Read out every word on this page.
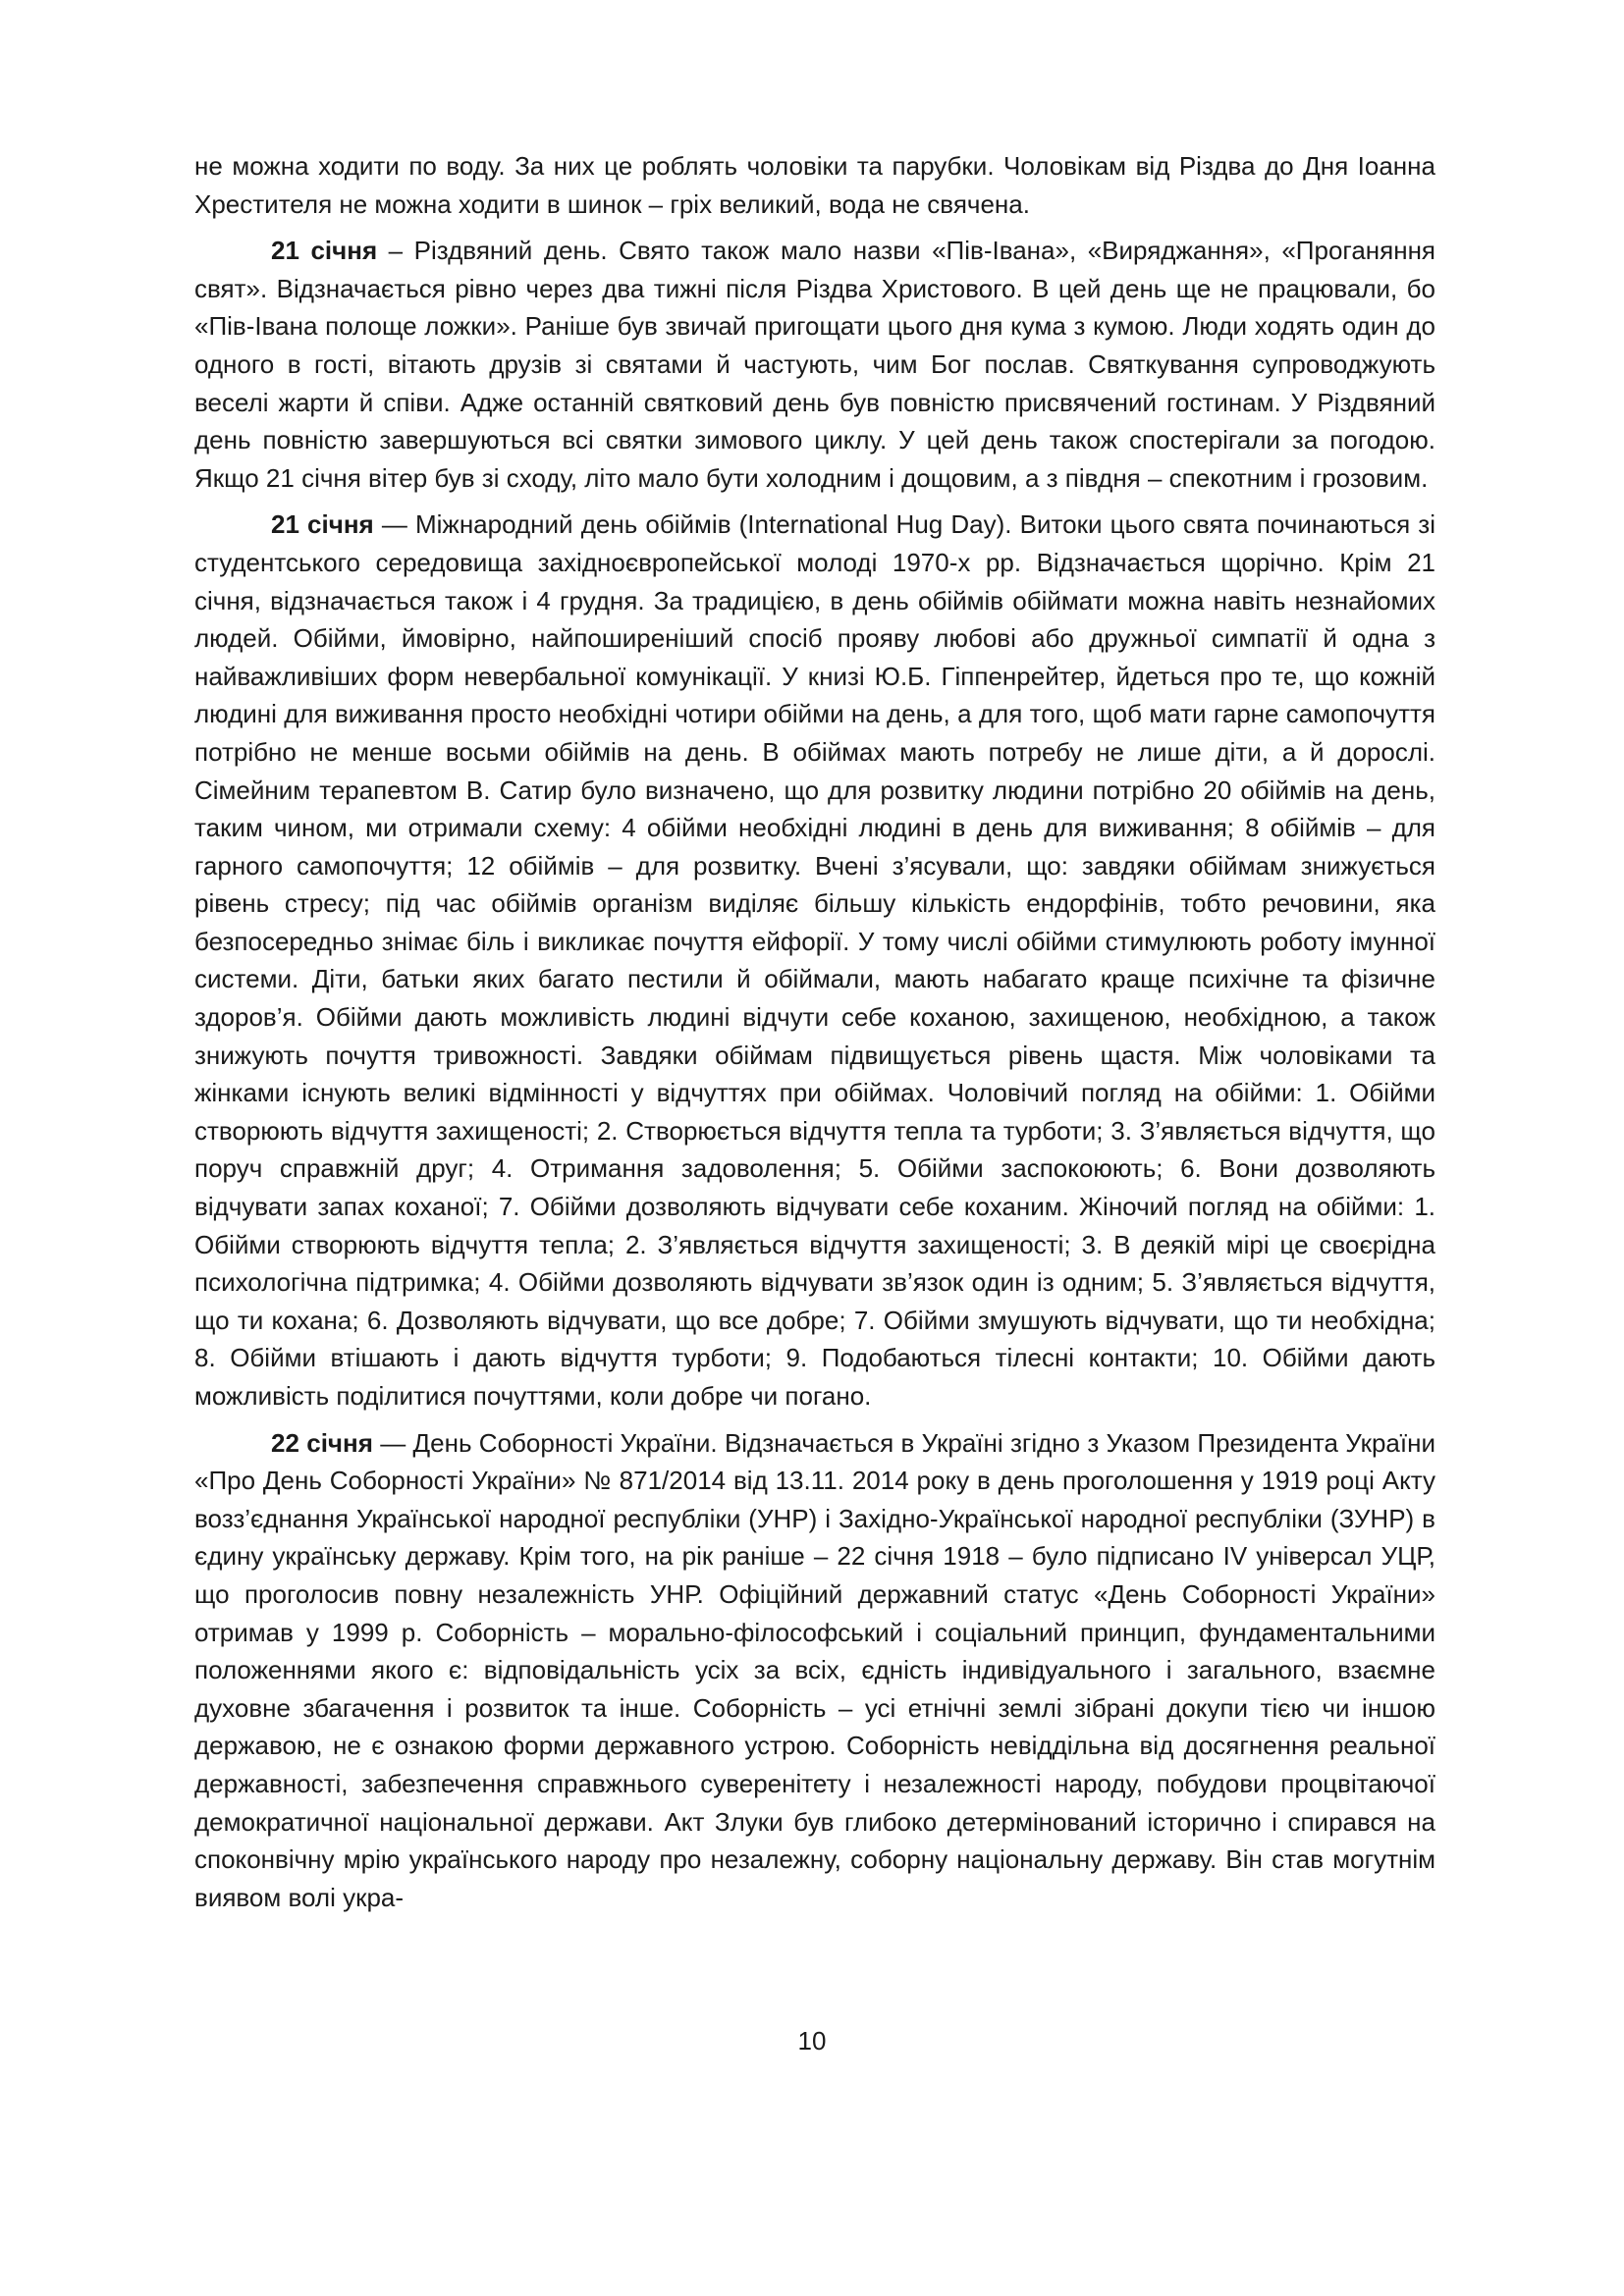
не можна ходити по воду. За них це роблять чоловіки та парубки. Чоловікам від Різдва до Дня Іоанна Хрестителя не можна ходити в шинок – гріх великий, вода не свячена.

21 січня – Різдвяний день. Свято також мало назви «Пів-Івана», «Виряджання», «Проганяння свят». Відзначається рівно через два тижні після Різдва Христового. В цей день ще не працювали, бо «Пів-Івана полоще ложки». Раніше був звичай пригощати цього дня кума з кумою. Люди ходять один до одного в гості, вітають друзів зі святами й частують, чим Бог послав. Святкування супроводжують веселі жарти й співи. Адже останній святковий день був повністю присвячений гостинам. У Різдвяний день повністю завершуються всі святки зимового циклу. У цей день також спостерігали за погодою. Якщо 21 січня вітер був зі сходу, літо мало бути холодним і дощовим, а з півдня – спекотним і грозовим.

21 січня — Міжнародний день обіймів (International Hug Day). Витоки цього свята починаються зі студентського середовища західноєвропейської молоді 1970-х рр. Відзначається щорічно. Крім 21 січня, відзначається також і 4 грудня. За традицією, в день обіймів обіймати можна навіть незнайомих людей. Обійми, ймовірно, найпоширеніший спосіб прояву любові або дружньої симпатії й одна з найважливіших форм невербальної комунікації. У книзі Ю.Б. Гіппенрейтер, йдеться про те, що кожній людині для виживання просто необхідні чотири обійми на день, а для того, щоб мати гарне самопочуття потрібно не менше восьми обіймів на день. В обіймах мають потребу не лише діти, а й дорослі. Сімейним терапевтом В. Сатир було визначено, що для розвитку людини потрібно 20 обіймів на день, таким чином, ми отримали схему: 4 обійми необхідні людині в день для виживання; 8 обіймів – для гарного самопочуття; 12 обіймів – для розвитку. Вчені з’ясували, що: завдяки обіймам знижується рівень стресу; під час обіймів організм виділяє більшу кількість ендорфінів, тобто речовини, яка безпосередньо знімає біль і викликає почуття ейфорії. У тому числі обійми стимулюють роботу імунної системи. Діти, батьки яких багато пестили й обіймали, мають набагато краще психічне та фізичне здоров’я. Обійми дають можливість людині відчути себе коханою, захищеною, необхідною, а також знижують почуття тривожності. Завдяки обіймам підвищується рівень щастя. Між чоловіками та жінками існують великі відмінності у відчуттях при обіймах. Чоловічий погляд на обійми: 1. Обійми створюють відчуття захищеності; 2. Створюється відчуття тепла та турботи; 3. З’являється відчуття, що поруч справжній друг; 4. Отримання задоволення; 5. Обійми заспокоюють; 6. Вони дозволяють відчувати запах коханої; 7. Обійми дозволяють відчувати себе коханим. Жіночий погляд на обійми: 1. Обійми створюють відчуття тепла; 2. З’являється відчуття захищеності; 3. В деякій мірі це своєрідна психологічна підтримка; 4. Обійми дозволяють відчувати зв’язок один із одним; 5. З’являється відчуття, що ти кохана; 6. Дозволяють відчувати, що все добре; 7. Обійми змушують відчувати, що ти необхідна; 8. Обійми втішають і дають відчуття турботи; 9. Подобаються тілесні контакти; 10. Обійми дають можливість поділитися почуттями, коли добре чи погано.

22 січня — День Соборності України. Відзначається в Україні згідно з Указом Президента України «Про День Соборності України» № 871/2014 від 13.11. 2014 року в день проголошення у 1919 році Акту возз’єднання Української народної республіки (УНР) і Західно-Української народної республіки (ЗУНР) в єдину українську державу. Крім того, на рік раніше – 22 січня 1918 – було підписано IV універсал УЦР, що проголосив повну незалежність УНР. Офіційний державний статус «День Соборності України» отримав у 1999 р. Соборність – морально-філософський і соціальний принцип, фундаментальними положеннями якого є: відповідальність усіх за всіх, єдність індивідуального і загального, взаємне духовне збагачення і розвиток та інше. Соборність – усі етнічні землі зібрані докупи тією чи іншою державою, не є ознакою форми державного устрою. Соборність невіддільна від досягнення реальної державності, забезпечення справжнього суверенітету і незалежності народу, побудови процвітаючої демократичної національної держави. Акт Злуки був глибоко детермінований історично і спирався на споконвічну мрію українського народу про незалежну, соборну національну державу. Він став могутнім виявом волі укра-

10
